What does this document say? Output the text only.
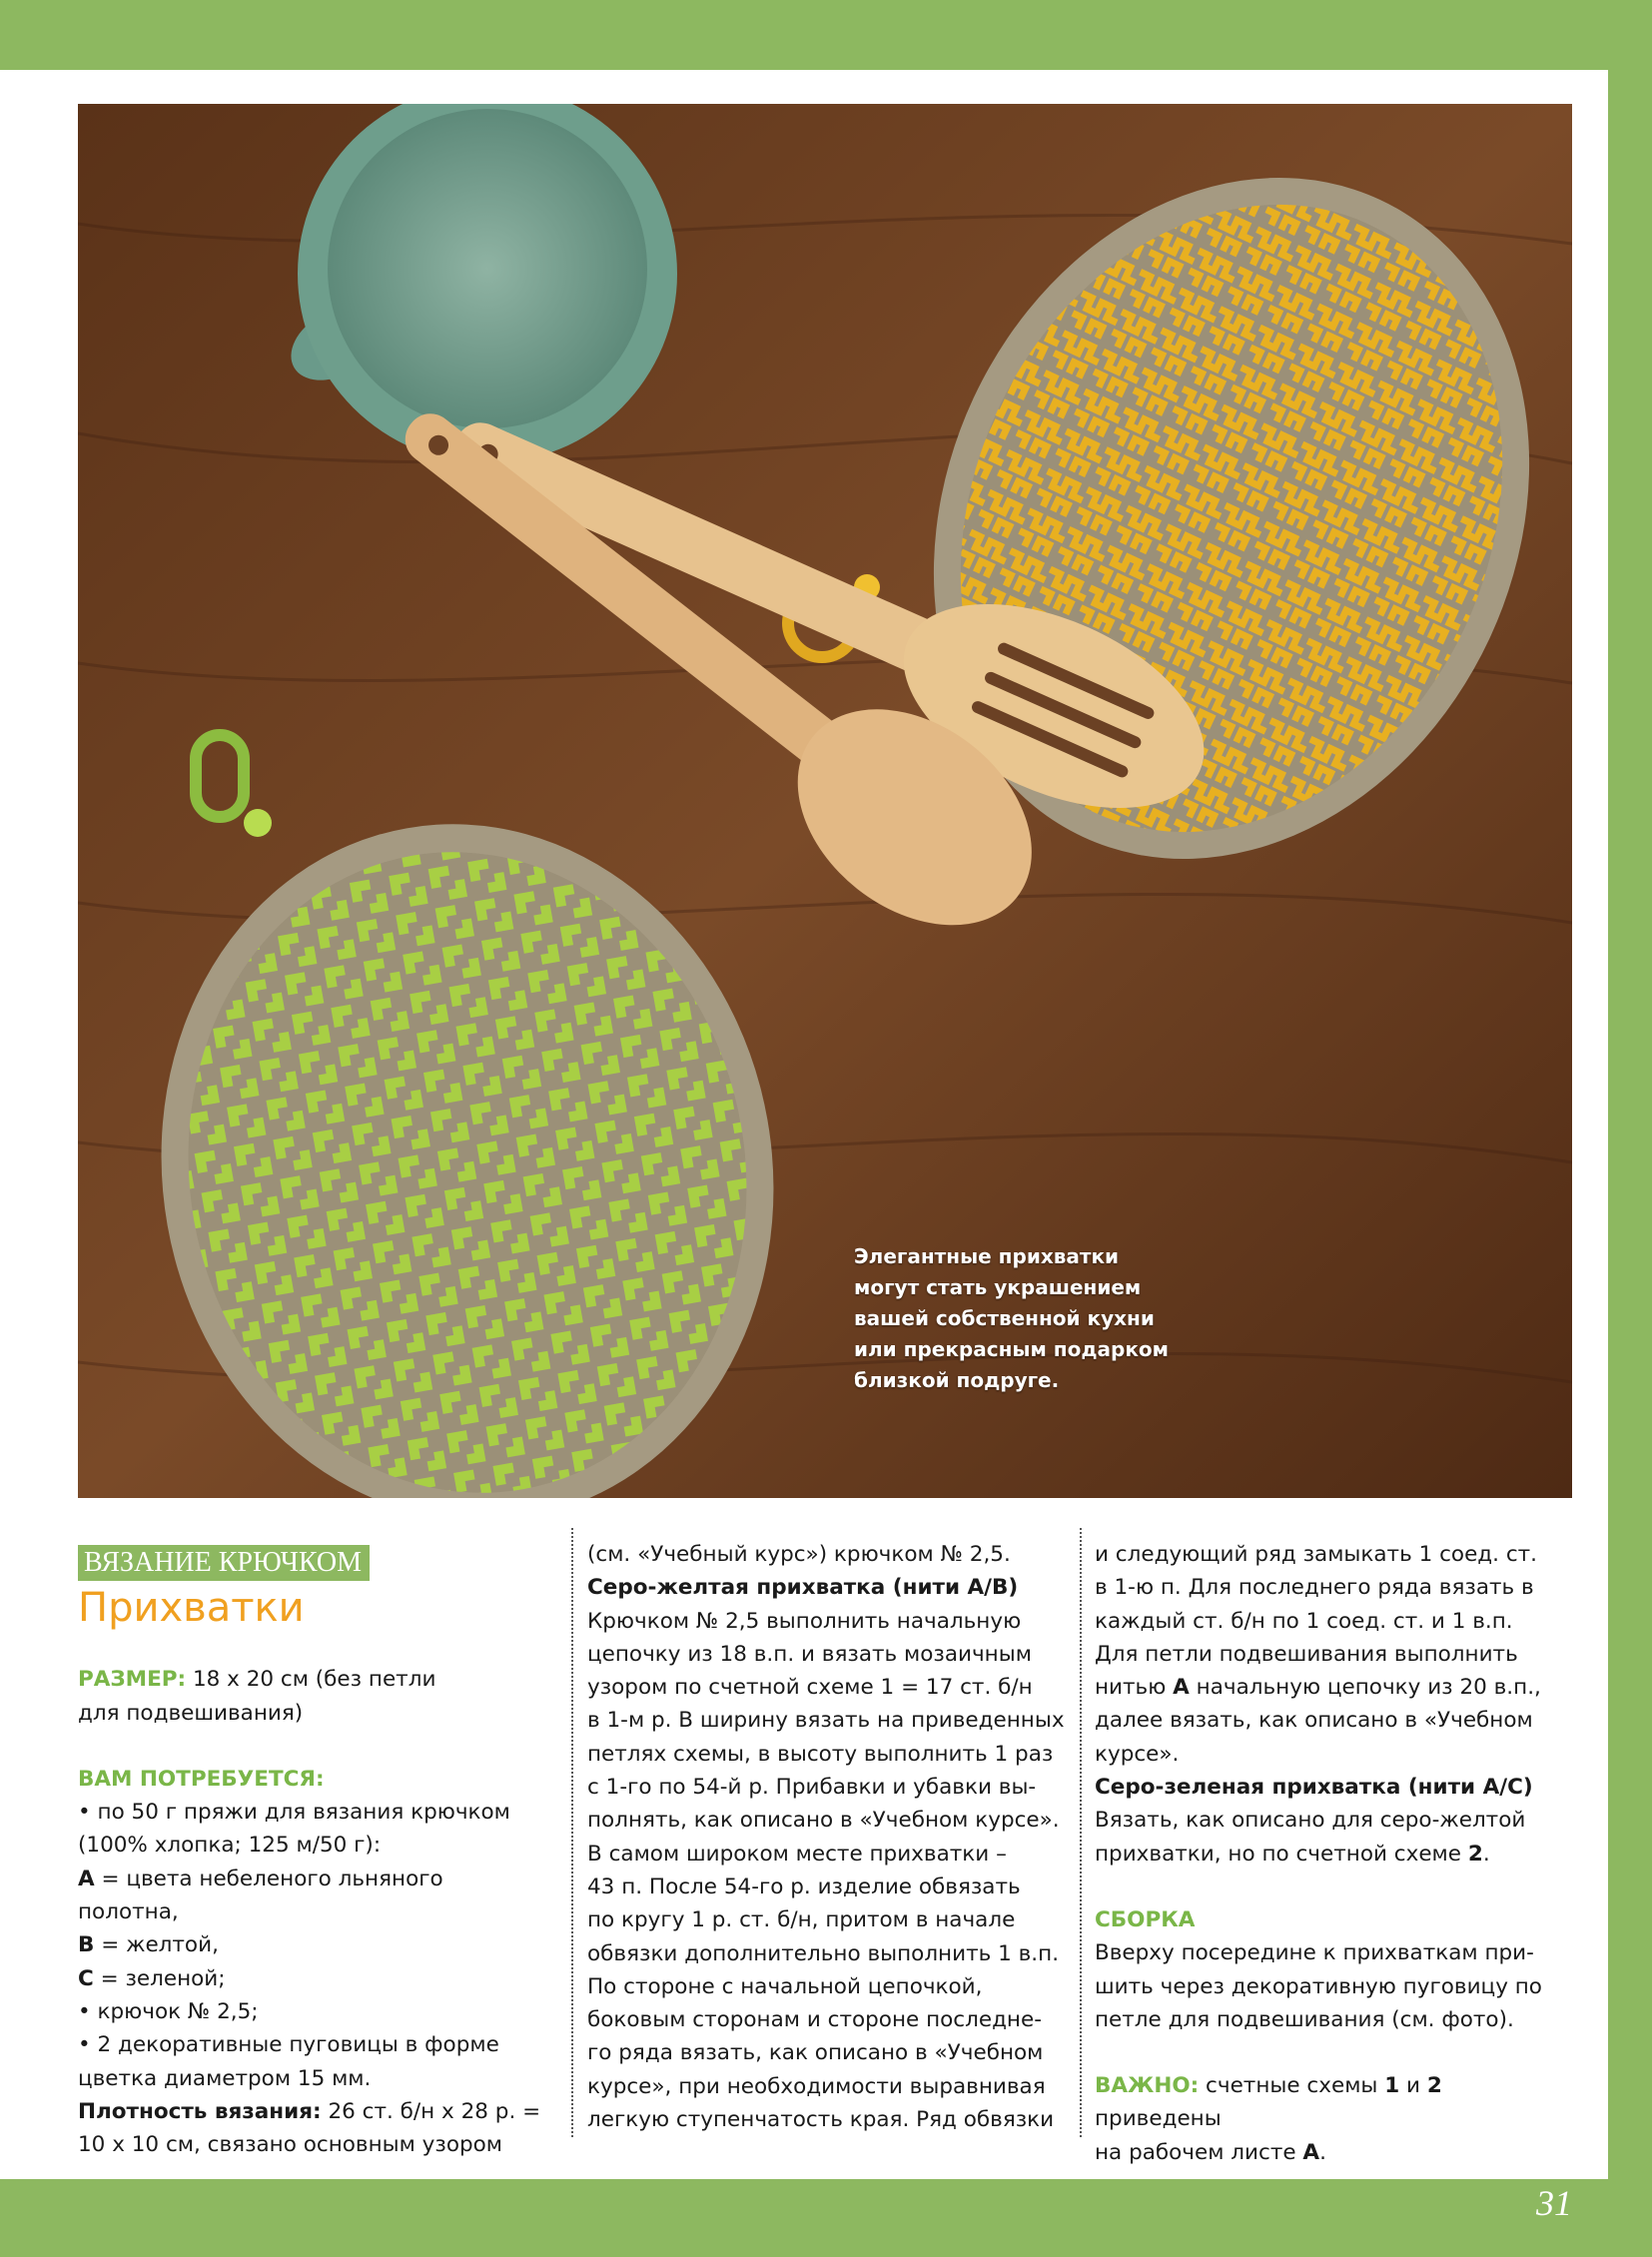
Элегантные прихватки
могут стать украшением
вашей собственной кухни
или прекрасным подарком
близкой подруге.

ВЯЗАНИЕ КРЮЧКОМ

Прихватки

РАЗМЕР: 18 х 20 см (без петли

для подвешивания)

ВАМ ПОТРЕБУЕТСЯ:

• по 50 г пряжи для вязания крючком

(100% хлопка; 125 м/50 г):

A = цвета небеленого льняного полотна,

B = желтой,

C = зеленой;

• крючок № 2,5;

• 2 декоративные пуговицы в форме

цветка диаметром 15 мм.

Плотность вязания: 26 ст. б/н х 28 р. =

10 х 10 см, связано основным узором

(см. «Учебный курс») крючком № 2,5.

Серо-желтая прихватка (нити A/B)

Крючком № 2,5 выполнить начальную

цепочку из 18 в.п. и вязать мозаичным

узором по счетной схеме 1 = 17 ст. б/н

в 1-м р. В ширину вязать на приведенных

петлях схемы, в высоту выполнить 1 раз

с 1-го по 54-й р. Прибавки и убавки вы-

полнять, как описано в «Учебном курсе».

В самом широком месте прихватки –

43 п. После 54-го р. изделие обвязать

по кругу 1 р. ст. б/н, притом в начале

обвязки дополнительно выполнить 1 в.п.

По стороне с начальной цепочкой,

боковым сторонам и стороне последне-

го ряда вязать, как описано в «Учебном

курсе», при необходимости выравнивая

легкую ступенчатость края. Ряд обвязки

и следующий ряд замыкать 1 соед. ст.

в 1-ю п. Для последнего ряда вязать в

каждый ст. б/н по 1 соед. ст. и 1 в.п.

Для петли подвешивания выполнить

нитью A начальную цепочку из 20 в.п.,

далее вязать, как описано в «Учебном

курсе».

Серо-зеленая прихватка (нити A/C)

Вязать, как описано для серо-желтой

прихватки, но по счетной схеме 2.

СБОРКА

Вверху посередине к прихваткам при-

шить через декоративную пуговицу по

петле для подвешивания (см. фото).

ВАЖНО: счетные схемы 1 и 2 приведены

на рабочем листе A.

31
